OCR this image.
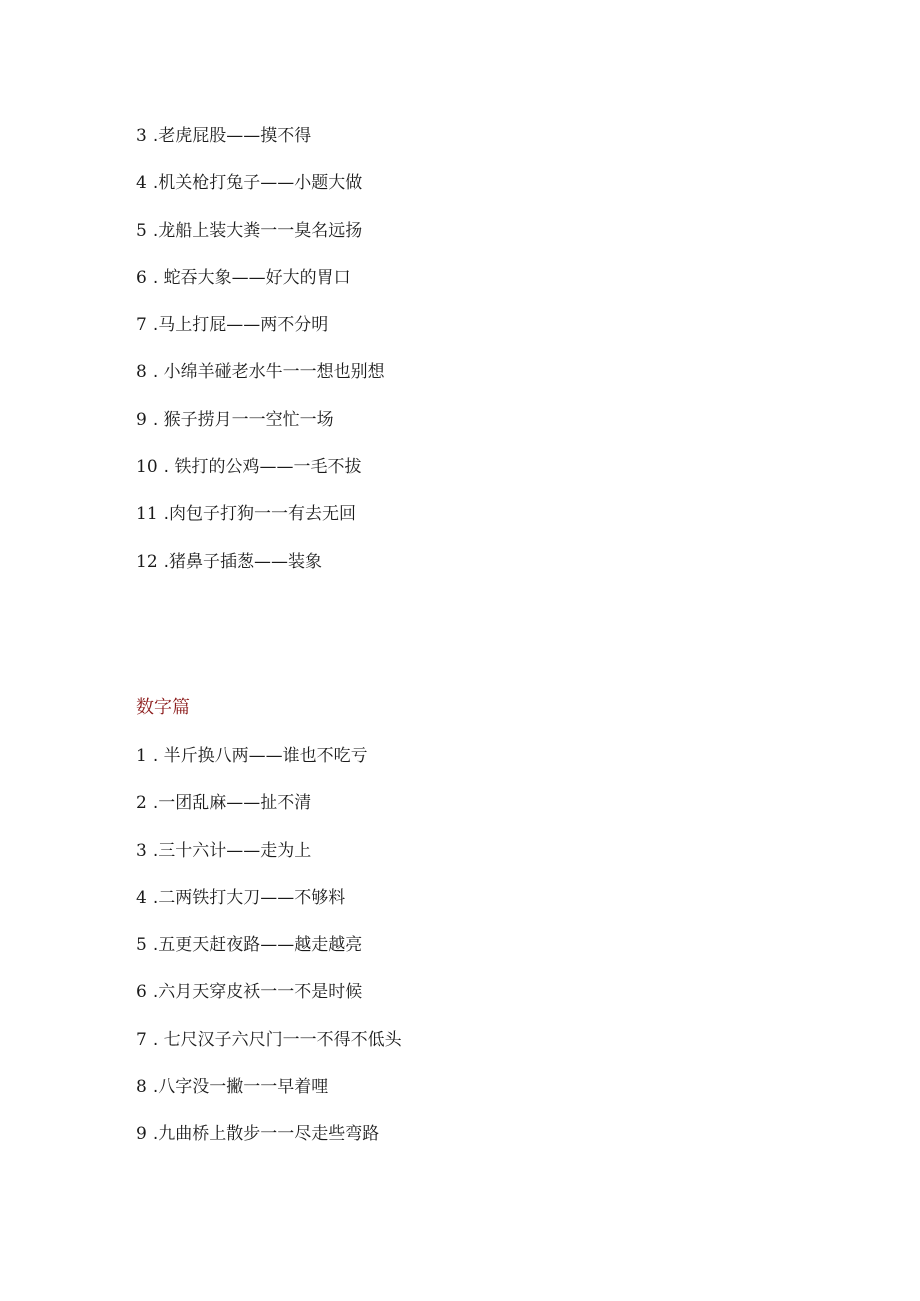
3 .老虎屁股——摸不得
4 .机关枪打兔子——小题大做
5 .龙船上装大粪一一臭名远扬
6 . 蛇吞大象——好大的胃口
7 .马上打屁——两不分明
8 . 小绵羊碰老水牛一一想也别想
9 . 猴子捞月一一空忙一场
10 . 铁打的公鸡——一毛不拔
11 .肉包子打狗一一有去无回
12 .猪鼻子插葱——装象
数字篇
1 . 半斤换八两——谁也不吃亏
2 .一团乱麻——扯不清
3 .三十六计——走为上
4 .二两铁打大刀——不够料
5 .五更天赶夜路——越走越亮
6 .六月天穿皮袄一一不是时候
7 . 七尺汉子六尺门一一不得不低头
8 .八字没一撇一一早着哩
9 .九曲桥上散步一一尽走些弯路
